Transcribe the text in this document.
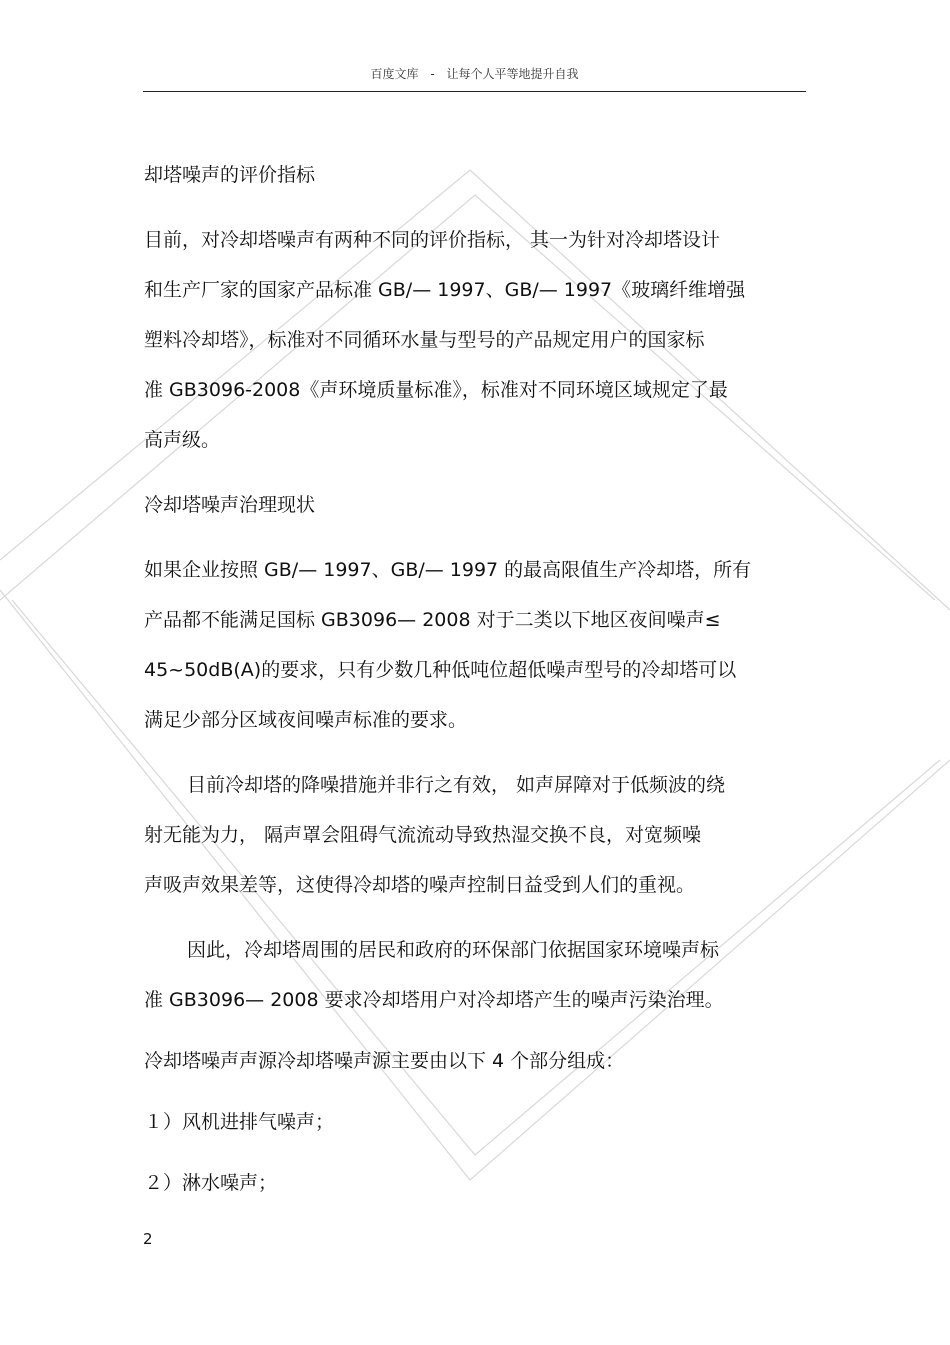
百度文库 - 让每个人平等地提升自我

却塔噪声的评价指标

目前，对冷却塔噪声有两种不同的评价指标， 其一为针对冷却塔设计

和生产厂家的国家产品标准 GB/— 1997、GB/— 1997《玻璃纤维增强

塑料冷却塔》，标准对不同循环水量与型号的产品规定用户的国家标

准 GB3096-2008《声环境质量标准》，标准对不同环境区域规定了最

高声级。

冷却塔噪声治理现状

如果企业按照 GB/— 1997、GB/— 1997 的最高限值生产冷却塔，所有

产品都不能满足国标 GB3096— 2008 对于二类以下地区夜间噪声≤

45~50dB(A)的要求，只有少数几种低吨位超低噪声型号的冷却塔可以

满足少部分区域夜间噪声标准的要求。

目前冷却塔的降噪措施并非行之有效， 如声屏障对于低频波的绕

射无能为力， 隔声罩会阻碍气流流动导致热湿交换不良，对宽频噪

声吸声效果差等，这使得冷却塔的噪声控制日益受到人们的重视。

因此，冷却塔周围的居民和政府的环保部门依据国家环境噪声标

准 GB3096— 2008 要求冷却塔用户对冷却塔产生的噪声污染治理。

冷却塔噪声声源冷却塔噪声源主要由以下 4 个部分组成：

１）风机进排气噪声；

２）淋水噪声；

2
